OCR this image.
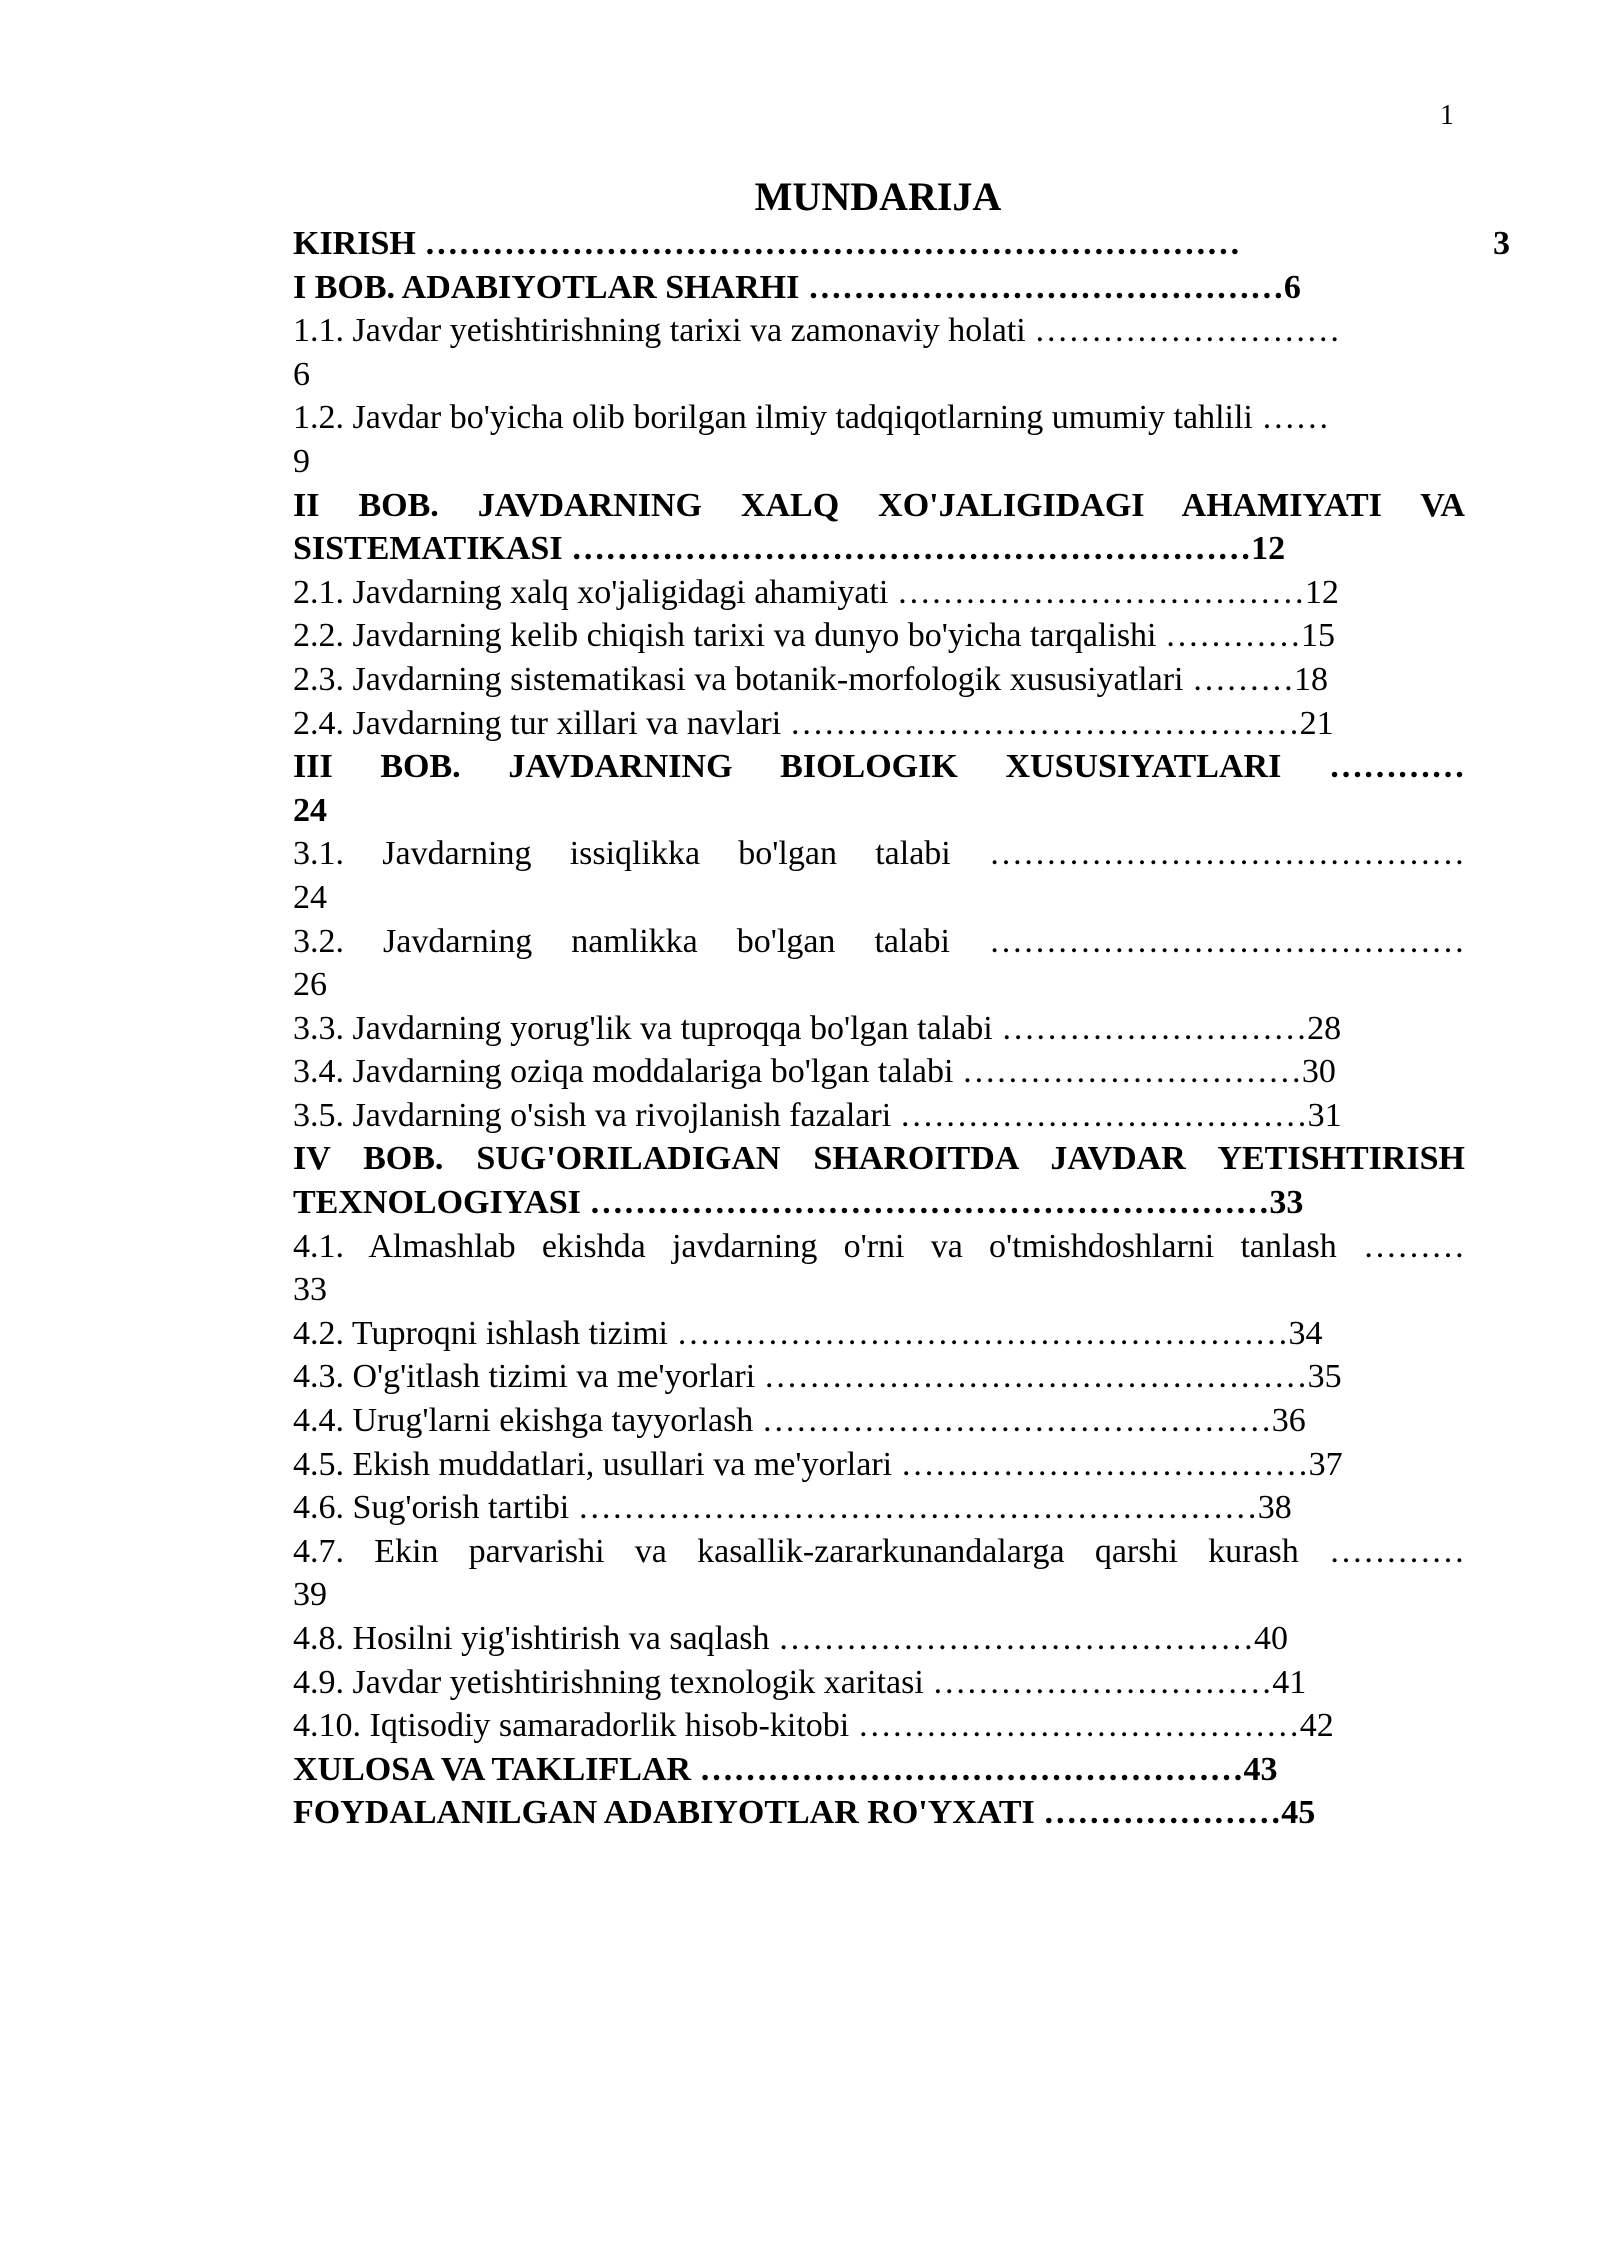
1
MUNDARIJA
3
KIRISH ………………………………………………………………
I BOB. ADABIYOTLAR SHARHI ……………………………………6
1.1. Javdar yetishtirishning tarixi va zamonaviy holati ………………………
6
1.2. Javdar bo'yicha olib borilgan ilmiy tadqiqotlarning umumiy tahlili ……
9
II BOB. JAVDARNING XALQ XO'JALIGIDAGI AHAMIYATI VA
SISTEMATIKASI ……………………………………………………12
2.1. Javdarning xalq xo'jaligidagi ahamiyati ………………………………12
2.2. Javdarning kelib chiqish tarixi va dunyo bo'yicha tarqalishi …………15
2.3. Javdarning sistematikasi va botanik-morfologik xususiyatlari ………18
2.4. Javdarning tur xillari va navlari ………………………………………21
III BOB. JAVDARNING BIOLOGIK XUSUSIYATLARI …………
24
3.1. Javdarning issiqlikka bo'lgan talabi ……………………………………
24
3.2. Javdarning namlikka bo'lgan talabi ……………………………………
26
3.3. Javdarning yorug'lik va tuproqqa bo'lgan talabi ………………………28
3.4. Javdarning oziqa moddalariga bo'lgan talabi …………………………30
3.5. Javdarning o'sish va rivojlanish fazalari ………………………………31
IV BOB. SUG'ORILADIGAN SHAROITDA JAVDAR YETISHTIRISH
TEXNOLOGIYASI ……………………………………………………33
4.1. Almashlab ekishda javdarning o'rni va o'tmishdoshlarni tanlash ………
33
4.2. Tuproqni ishlash tizimi ………………………………………………34
4.3. O'g'itlash tizimi va me'yorlari …………………………………………35
4.4. Urug'larni ekishga tayyorlash ………………………………………36
4.5. Ekish muddatlari, usullari va me'yorlari ………………………………37
4.6. Sug'orish tartibi ……………………………………………………38
4.7. Ekin parvarishi va kasallik-zararkunandalarga qarshi kurash …………
39
4.8. Hosilni yig'ishtirish va saqlash ……………………………………40
4.9. Javdar yetishtirishning texnologik xaritasi …………………………41
4.10. Iqtisodiy samaradorlik hisob-kitobi …………………………………42
XULOSA VA TAKLIFLAR …………………………………………43
FOYDALANILGAN ADABIYOTLAR RO'YXATI …………………45
